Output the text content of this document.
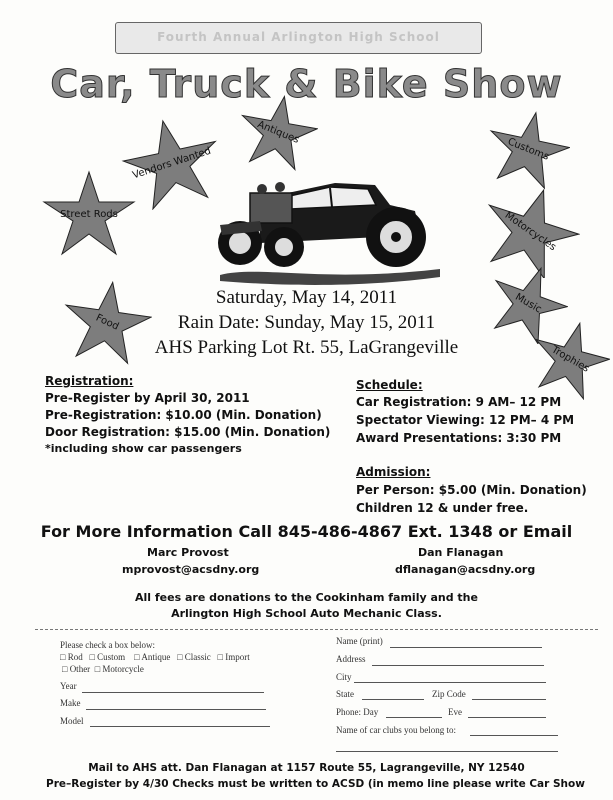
Fourth Annual Arlington High School
Car, Truck & Bike Show
Vendors Wanted
Antiques
Customs
Street Rods	Motorcycles
Food
Music
Trophies
Saturday, May 14, 2011
Rain Date: Sunday, May 15, 2011
AHS Parking Lot Rt. 55, LaGrangeville
Registration:
Pre-Register by April 30, 2011
Pre-Registration: $10.00 (Min. Donation)
Door Registration: $15.00 (Min. Donation)
*including show car passengers
Schedule:
Car Registration: 9 AM– 12 PM
Spectator Viewing: 12 PM– 4 PM
Award Presentations: 3:30 PM
Admission:
Per Person: $5.00 (Min. Donation)
Children 12 & under free.
For More Information Call 845-486-4867 Ext. 1348 or Email
Marc Provost
mprovost@acsdny.org
Dan Flanagan
dflanagan@acsdny.org
All fees are donations to the Cookinham family and the
Arlington High School Auto Mechanic Class.
Please check a box below:
□ Rod □ Custom □ Antique □ Classic □ Import
□ Other □ Motorcycle
Year
Make
Model
Name (print)
Address
City
State	Zip Code
Phone: Day	Eve
Name of car clubs you belong to:
Mail to AHS att. Dan Flanagan at 1157 Route 55, Lagrangeville, NY 12540
Pre–Register by 4/30 Checks must be written to ACSD (in memo line please write Car Show
